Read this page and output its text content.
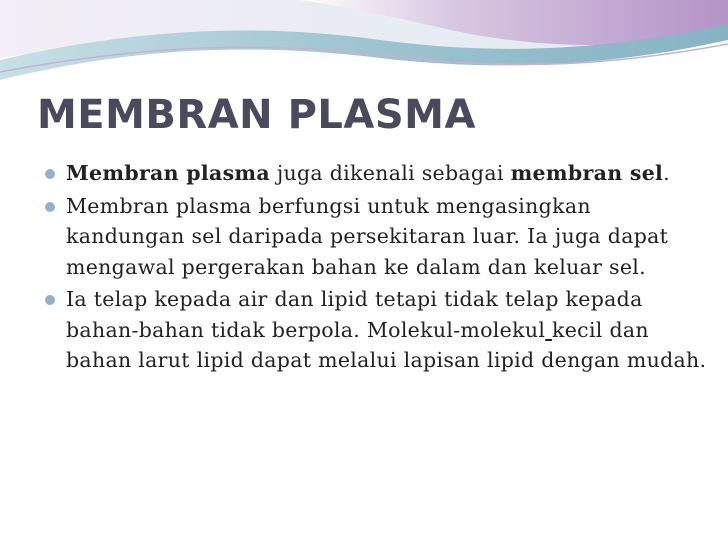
MEMBRAN PLASMA
Membran plasma juga dikenali sebagai membran sel.
Membran plasma berfungsi untuk mengasingkan kandungan sel daripada persekitaran luar. Ia juga dapat mengawal pergerakan bahan ke dalam dan keluar sel.
Ia telap kepada air dan lipid tetapi tidak telap kepada bahan-bahan tidak berpola. Molekul-molekul kecil dan bahan larut lipid dapat melalui lapisan lipid dengan mudah.
